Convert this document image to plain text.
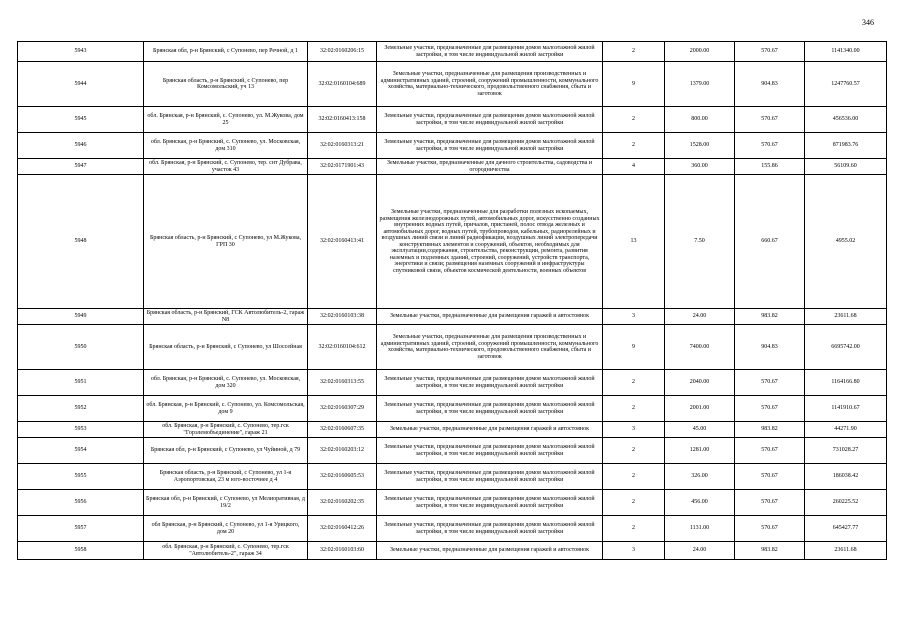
346
5943	Брянская обл, р-н Брянский, с Супонево, пер Речной, д 1	32:02:0160206:15	Земельные участки, предназначенные для размещения домов малоэтажной жилой застройки, в том числе индивидуальной жилой застройки	2	2000.00	570.67	1141340.00
5944	Брянская область, р-н Брянский, с Супонево, пер Комсомольский, уч 13	32:02:0160104:689	Земельные участки, предназначенные для размещения производственных и административных зданий, строений, сооружений промышленности, коммунального хозяйства, материально-технического, продовольственного снабжения, сбыта и заготовок	9	1379.00	904.83	1247760.57
5945	обл. Брянская, р-н Брянский, с. Супонево, ул. М.Жукова, дом 25	32:02:0160413:158	Земельные участки, предназначенные для размещения домов малоэтажной жилой застройки, в том числе индивидуальной жилой застройки	2	800.00	570.67	456536.00
5946	обл. Брянская, р-н Брянский, с. Супонево, ул. Московская, дом 310	32:02:0160313:21	Земельные участки, предназначенные для размещения домов малоэтажной жилой застройки, в том числе индивидуальной жилой застройки	2	1528.00	570.67	871983.76
5947	обл. Брянская, р-н Брянский, с. Супонево, тер. снт Дубрава, участок 43	32:02:0171901:43	Земельные участки, предназначенные для дачного строительства, садоводства и огородничества	4	360.00	155.86	56109.60
5948	Брянская область, р-н Брянский, с Супонево, ул М.Жукова, ГРП 30	32:02:0160413:41	Земельные участки, предназначенные для разработки полезных ископаемых, размещения железнодорожных путей, автомобильных дорог, искусственно созданных внутренних водных путей, причалов, пристаней, полос отвода железных и автомобильных дорог, водных путей, трубопроводов, кабельных, радиорелейных и воздушных линий связи и линий радиофикации, воздушных линий электропередачи конструктивных элементов и сооружений, объектов, необходимых для эксплуатации,содержания, строительства, реконструкции, ремонта, развития наземных и подземных зданий, строений, сооружений, устройств транспорта, энергетики и связи; размещения наземных сооружений и инфраструктуры спутниковой связи, объектов космической деятельности, военных объектов	13	7.50	660.67	4955.02
5949	Брянская область, р-н Брянский, ГСК Автолюбитель-2, гараж N8	32:02:0160103:38	Земельные участки, предназначенные для размещения гаражей и автостоянок	3	24.00	983.82	23611.68
5950	Брянская область, р-н Брянский, с Супонево, ул Шоссейная	32:02:0160104:612	Земельные участки, предназначенные для размещения производственных и административных зданий, строений, сооружений промышленности, коммунального хозяйства, материально-технического, продовольственного снабжения, сбыта и заготовок	9	7400.00	904.83	6695742.00
5951	обл. Брянская, р-н Брянский, с. Супонево, ул. Московская, дом 320	32:02:0160313:55	Земельные участки, предназначенные для размещения домов малоэтажной жилой застройки, в том числе индивидуальной жилой застройки	2	2040.00	570.67	1164166.80
5952	обл. Брянская, р-н Брянский, с. Супонево, ул. Комсомольская, дом 9	32:02:0160307:29	Земельные участки, предназначенные для размещения домов малоэтажной жилой застройки, в том числе индивидуальной жилой застройки	2	2001.00	570.67	1141910.67
5953	обл. Брянская, р-н Брянский, с. Супонево, тер.гск "Горэлемобъединение", гараж 21	32:02:0160607:35	Земельные участки, предназначенные для размещения гаражей и автостоянок	3	45.00	983.82	44271.90
5954	Брянская обл, р-н Брянский, с Супонево, ул Чуйиной, д 79	32:02:0160203:12	Земельные участки, предназначенные для размещения домов малоэтажной жилой застройки, в том числе индивидуальной жилой застройки	2	1281.00	570.67	731028.27
5955	Брянская область, р-н Брянский, с Супонево, ул 1-я Аэропортовская, 23 м юго-восточнее д 4	32:02:0160605:53	Земельные участки, предназначенные для размещения домов малоэтажной жилой застройки, в том числе индивидуальной жилой застройки	2	326.00	570.67	186038.42
5956	Брянская обл, р-н Брянский, с Супонево, ул Мелиоративная, д 19/2	32:02:0160202:35	Земельные участки, предназначенные для размещения домов малоэтажной жилой застройки, в том числе индивидуальной жилой застройки	2	456.00	570.67	260225.52
5957	обл Брянская, р-н Брянский, с Супонево, ул 1-я Урицкого, дом 20	32:02:0160412:26	Земельные участки, предназначенные для размещения домов малоэтажной жилой застройки, в том числе индивидуальной жилой застройки	2	1131.00	570.67	645427.77
5958	обл. Брянская, р-н Брянский, с. Супонево, тер.гск "Автолюбитель-2", гараж 34	32:02:0160103:60	Земельные участки, предназначенные для размещения гаражей и автостоянок	3	24.00	983.82	23611.68
